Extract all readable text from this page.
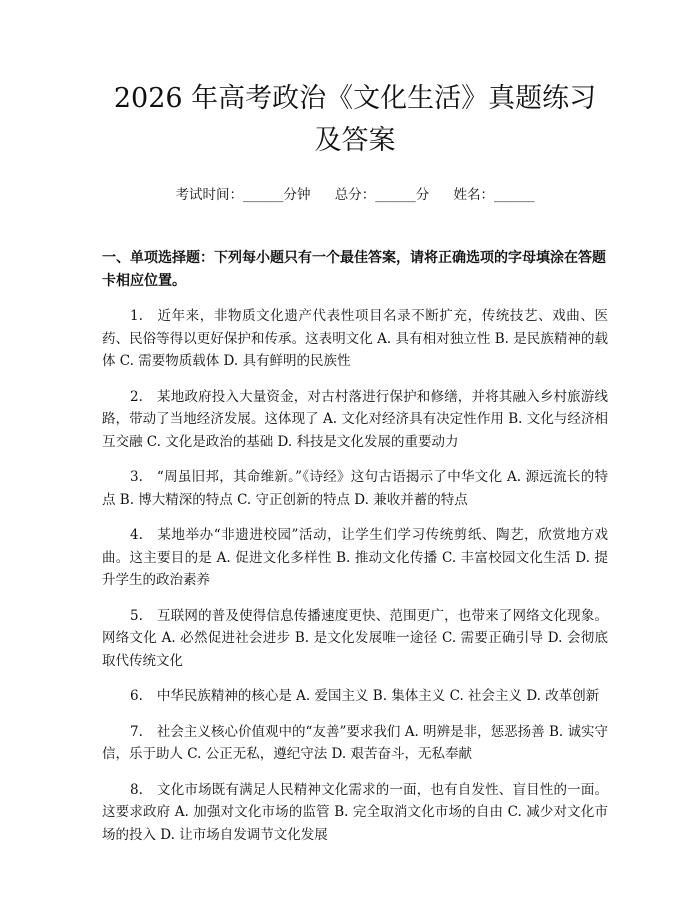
2026 年高考政治《文化生活》真题练习及答案
考试时间：______分钟 总分：______分 姓名：______
一、单项选择题：下列每小题只有一个最佳答案，请将正确选项的字母填涂在答题卡相应位置。

1. 近年来，非物质文化遗产代表性项目名录不断扩充，传统技艺、戏曲、医药、民俗等得以更好保护和传承。这表明文化 A. 具有相对独立性 B. 是民族精神的载体 C. 需要物质载体 D. 具有鲜明的民族性

2. 某地政府投入大量资金，对古村落进行保护和修缮，并将其融入乡村旅游线路，带动了当地经济发展。这体现了 A. 文化对经济具有决定性作用 B. 文化与经济相互交融 C. 文化是政治的基础 D. 科技是文化发展的重要动力

3. “周虽旧邦，其命维新。”《诗经》这句古语揭示了中华文化 A. 源远流长的特点 B. 博大精深的特点 C. 守正创新的特点 D. 兼收并蓄的特点

4. 某地举办“非遗进校园”活动，让学生们学习传统剪纸、陶艺，欣赏地方戏曲。这主要目的是 A. 促进文化多样性 B. 推动文化传播 C. 丰富校园文化生活 D. 提升学生的政治素养

5. 互联网的普及使得信息传播速度更快、范围更广，也带来了网络文化现象。网络文化 A. 必然促进社会进步 B. 是文化发展唯一途径 C. 需要正确引导 D. 会彻底取代传统文化

6. 中华民族精神的核心是 A. 爱国主义 B. 集体主义 C. 社会主义 D. 改革创新

7. 社会主义核心价值观中的“友善”要求我们 A. 明辨是非，惩恶扬善 B. 诚实守信，乐于助人 C. 公正无私，遵纪守法 D. 艰苦奋斗，无私奉献

8. 文化市场既有满足人民精神文化需求的一面，也有自发性、盲目性的一面。这要求政府 A. 加强对文化市场的监管 B. 完全取消文化市场的自由 C. 减少对文化市场的投入 D. 让市场自发调节文化发展
